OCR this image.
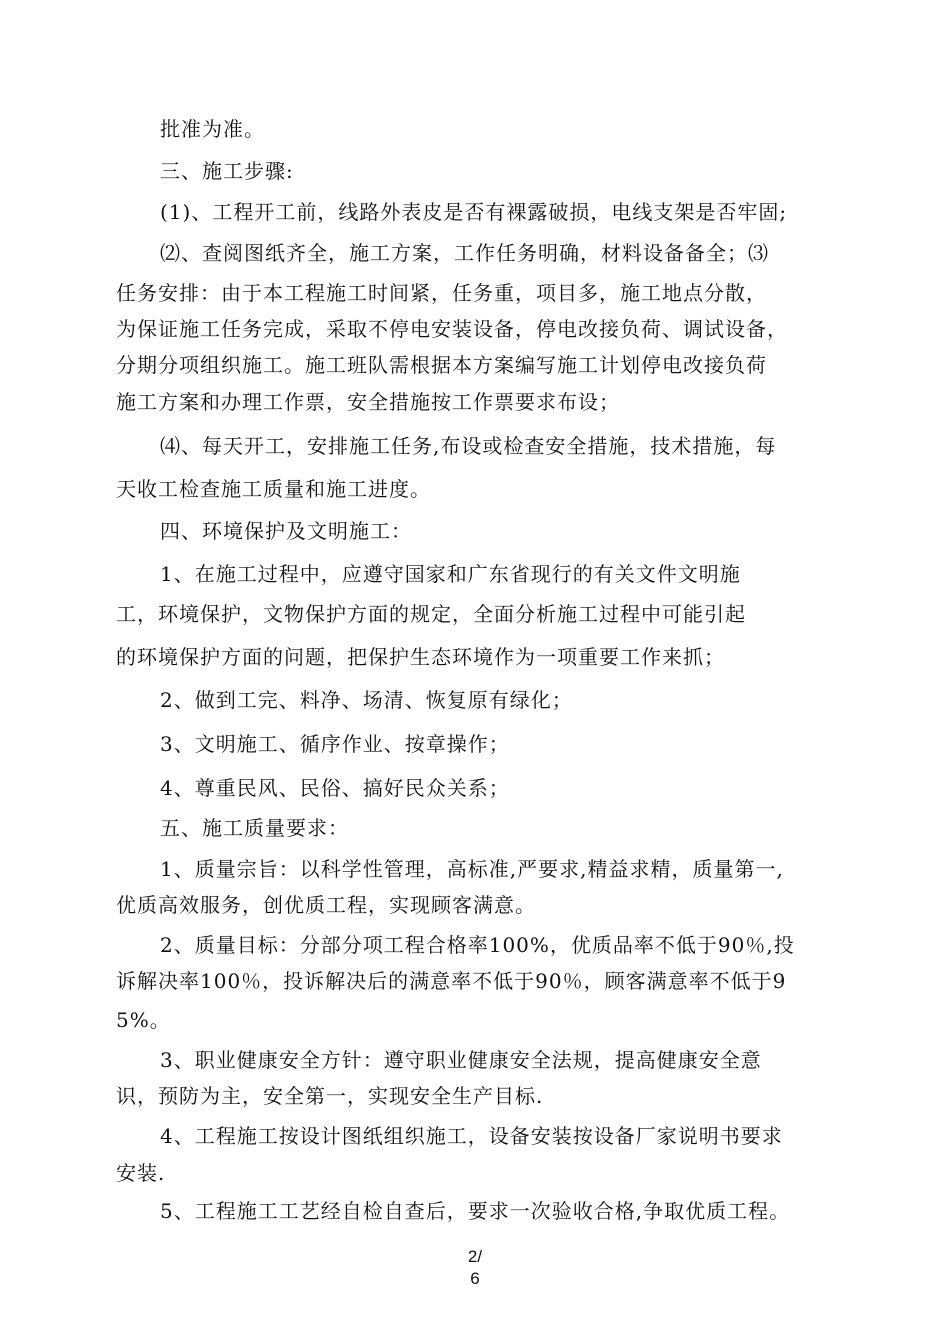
批准为准。
三、施工步骤:
(1)、工程开工前，线路外表皮是否有裸露破损，电线支架是否牢固;
⑵、查阅图纸齐全，施工方案，工作任务明确，材料设备备全；⑶
任务安排：由于本工程施工时间紧，任务重，项目多，施工地点分散，
为保证施工任务完成，采取不停电安装设备，停电改接负荷、调试设备，
分期分项组织施工。施工班队需根据本方案编写施工计划停电改接负荷
施工方案和办理工作票，安全措施按工作票要求布设；
⑷、每天开工，安排施工任务,布设或检查安全措施，技术措施，每
天收工检查施工质量和施工进度。
四、环境保护及文明施工：
1、在施工过程中，应遵守国家和广东省现行的有关文件文明施
工，环境保护，文物保护方面的规定，全面分析施工过程中可能引起
的环境保护方面的问题，把保护生态环境作为一项重要工作来抓；
2、做到工完、料净、场清、恢复原有绿化；
3、文明施工、循序作业、按章操作；
4、尊重民风、民俗、搞好民众关系；
五、施工质量要求：
1、质量宗旨：以科学性管理，高标准,严要求,精益求精，质量第一,
优质高效服务，创优质工程，实现顾客满意。
2、质量目标：分部分项工程合格率100%，优质品率不低于90％,投
诉解决率100％，投诉解决后的满意率不低于90％，顾客满意率不低于9
5%。
3、职业健康安全方针：遵守职业健康安全法规，提高健康安全意
识，预防为主，安全第一，实现安全生产目标.
4、工程施工按设计图纸组织施工，设备安装按设备厂家说明书要求
安装.
5、工程施工工艺经自检自查后，要求一次验收合格,争取优质工程。
2/
6
